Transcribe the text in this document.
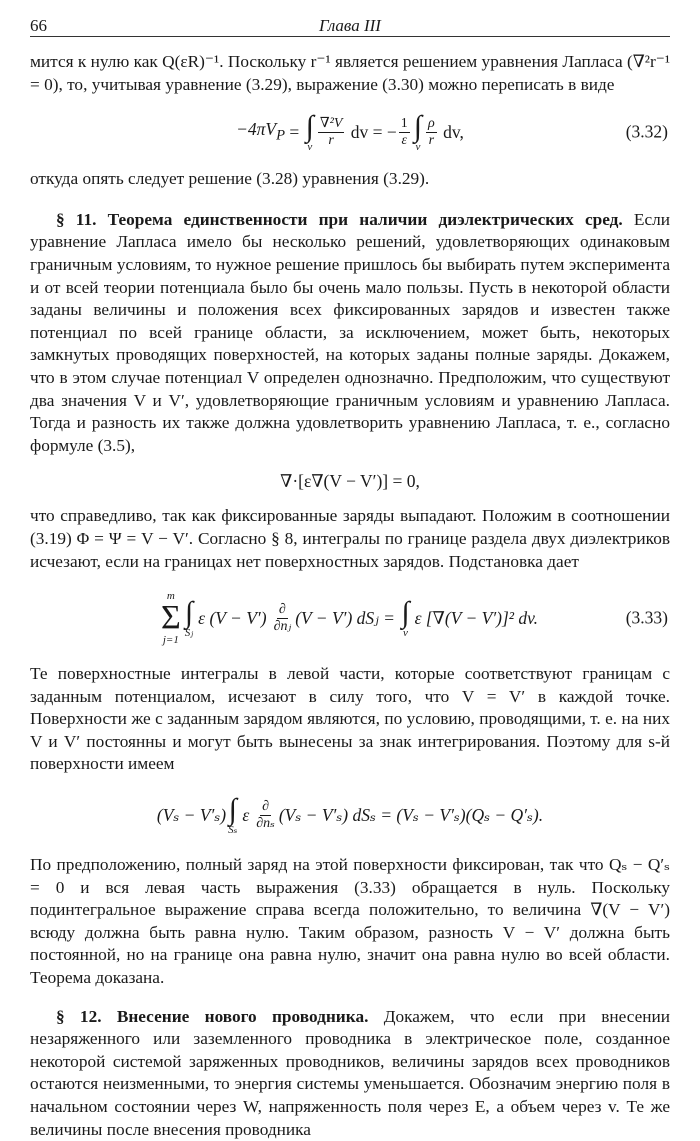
66	Глава III

мится к нулю как Q(εR)⁻¹. Поскольку r⁻¹ является решением уравнения Лапласа (∇²r⁻¹ = 0), то, учитывая уравнение (3.29), выражение (3.30) можно переписать в виде

$-4\pi V_P$ = ∫
v $\frac{\text{∇²V}}{r}$ dv = − $\frac{1}{\varepsilon}$ ∫
v $\frac{\rho}{r}$ dv,	(3.32)

откуда опять следует решение (3.28) уравнения (3.29).

§ 11. Теорема единственности при наличии диэлектрических сред. Если уравнение Лапласа имело бы несколько решений, удовлетворяющих одинаковым граничным условиям, то нужное решение пришлось бы выбирать путем эксперимента и от всей теории потенциала было бы очень мало пользы. Пусть в некоторой области заданы величины и положения всех фиксированных зарядов и известен также потенциал по всей границе области, за исключением, может быть, некоторых замкнутых проводящих поверхностей, на которых заданы полные заряды. Докажем, что в этом случае потенциал V определен однозначно. Предположим, что существуют два значения V и V′, удовлетворяющие граничным условиям и уравнению Лапласа. Тогда и разность их также должна удовлетворить уравнению Лапласа, т. е., согласно формуле (3.5),

∇·[ε∇(V − V′)] = 0,

что справедливо, так как фиксированные заряды выпадают. Положим в соотношении (3.19) Φ = Ψ = V − V′. Согласно § 8, интегралы по границе раздела двух диэлектриков исчезают, если на границах нет поверхностных зарядов. Подстановка дает

m
Σ
j=1
∫
Sⱼ
ε $(V - V') \frac{\partial}{\text{∂nⱼ}} (V - V')$ dSⱼ = ∫
v
ε [∇(V − V′)]² dv.	(3.33)

Те поверхностные интегралы в левой части, которые соответствуют границам с заданным потенциалом, исчезают в силу того, что V = V′ в каждой точке. Поверхности же с заданным зарядом являются, по условию, проводящими, т. е. на них V и V′ постоянны и могут быть вынесены за знак интегрирования. Поэтому для s-й поверхности имеем

(Vₛ − V′ₛ) ∫
Sₛ
ε $\frac{\partial}{\text{∂nₛ}} (V_s - V'_s) dS_s = (V_s - V'_s)(Q_s - Q'_s)$.

По предположению, полный заряд на этой поверхности фиксирован, так что Qₛ − Q′ₛ = 0 и вся левая часть выражения (3.33) обращается в нуль. Поскольку подинтегральное выражение справа всегда положительно, то величина ∇(V − V′) всюду должна быть равна нулю. Таким образом, разность V − V′ должна быть постоянной, но на границе она равна нулю, значит она равна нулю во всей области. Теорема доказана.

§ 12. Внесение нового проводника. Докажем, что если при внесении незаряженного или заземленного проводника в электрическое поле, созданное некоторой системой заряженных проводников, величины зарядов всех проводников остаются неизменными, то энергия системы уменьшается. Обозначим энергию поля в начальном состоянии через W, напряженность поля через E, а объем через v. Те же величины после внесения проводника
